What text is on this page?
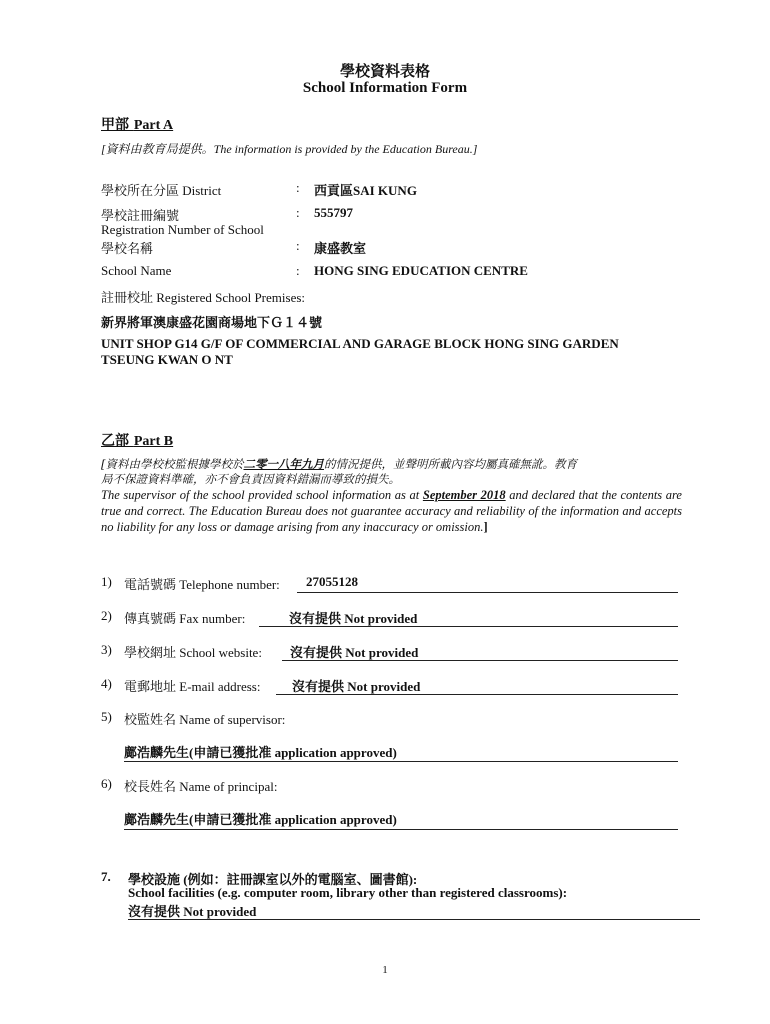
學校資料表格
School Information Form
甲部 Part A
[資料由教育局提供。The information is provided by the Education Bureau.]
學校所在分區 District	: 西貢區SAI KUNG
學校註冊編號	: 555797
Registration Number of School
學校名稱	: 康盛教室
School Name	: HONG SING EDUCATION CENTRE
註冊校址 Registered School Premises:
新界將軍澳康盛花園商場地下Ｇ１４號
UNIT SHOP G14 G/F OF COMMERCIAL AND GARAGE BLOCK HONG SING GARDEN
TSEUNG KWAN O NT
乙部 Part B
[資料由學校校監根據學校於二零一八年九月的情況提供，並聲明所載內容均屬真確無訛。教育
局不保證資料準確，亦不會負責因資料錯漏而導致的損失。
The supervisor of the school provided school information as at September 2018 and declared that the contents are true and correct. The Education Bureau does not guarantee accuracy and reliability of the information and accepts no liability for any loss or damage arising from any inaccuracy or omission.]
1) 電話號碼 Telephone number: 27055128
2) 傳真號碼 Fax number:	沒有提供 Not provided
3) 學校網址 School website: 沒有提供 Not provided
4) 電郵地址 E-mail address: 沒有提供 Not provided
5) 校監姓名 Name of supervisor:
鄺浩麟先生(申請已獲批准 application approved)
6) 校長姓名 Name of principal:
鄺浩麟先生(申請已獲批准 application approved)
7. 學校設施 (例如：註冊課室以外的電腦室、圖書館):
School facilities (e.g. computer room, library other than registered classrooms):
沒有提供 Not provided
1
